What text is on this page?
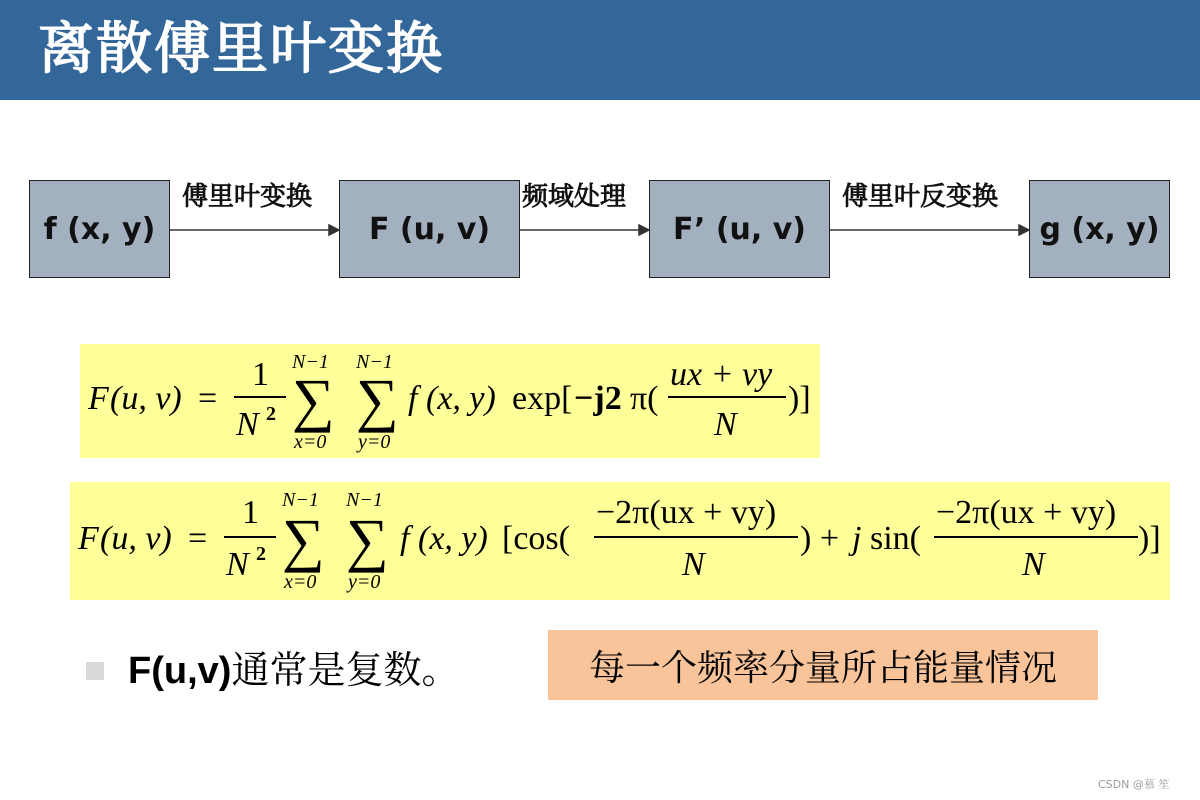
离散傅里叶变换
f (x, y)	F (u, v)	F’ (u, v)	g (x, y)
傅里叶变换	频域处理	傅里叶反变换
F (u, v) =
1
N 2
N−1
∑
x=0
N−1
∑
y=0
f (x, y) exp[ −j2 π(
ux + vy
N
)]
F (u, v) =
1
N 2
N−1
∑
x=0
N−1
∑
y=0
f (x, y) [cos(
−2π(ux + vy)
N
) + j sin(
−2π(ux + vy)
N
)]
F(u,v)通常是复数。	每一个频率分量所占能量情况
CSDN @慕 笙
